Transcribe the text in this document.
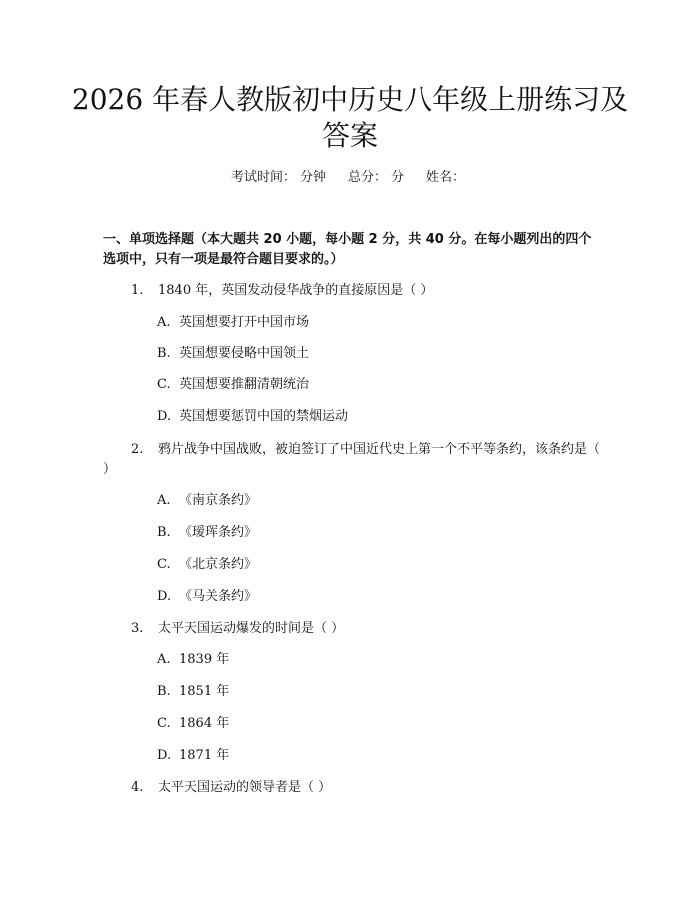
2026 年春人教版初中历史八年级上册练习及
答案
考试时间： 分钟 总分： 分 姓名：
一、单项选择题（本大题共 20 小题，每小题 2 分，共 40 分。在每小题列出的四个选项中，只有一项是最符合题目要求的。）
1. 1840 年，英国发动侵华战争的直接原因是（ ）
A. 英国想要打开中国市场
B. 英国想要侵略中国领土
C. 英国想要推翻清朝统治
D. 英国想要惩罚中国的禁烟运动
2. 鸦片战争中国战败，被迫签订了中国近代史上第一个不平等条约，该条约是（ ）
A. 《南京条约》
B. 《瑷珲条约》
C. 《北京条约》
D. 《马关条约》
3. 太平天国运动爆发的时间是（ ）
A. 1839 年
B. 1851 年
C. 1864 年
D. 1871 年
4. 太平天国运动的领导者是（ ）
